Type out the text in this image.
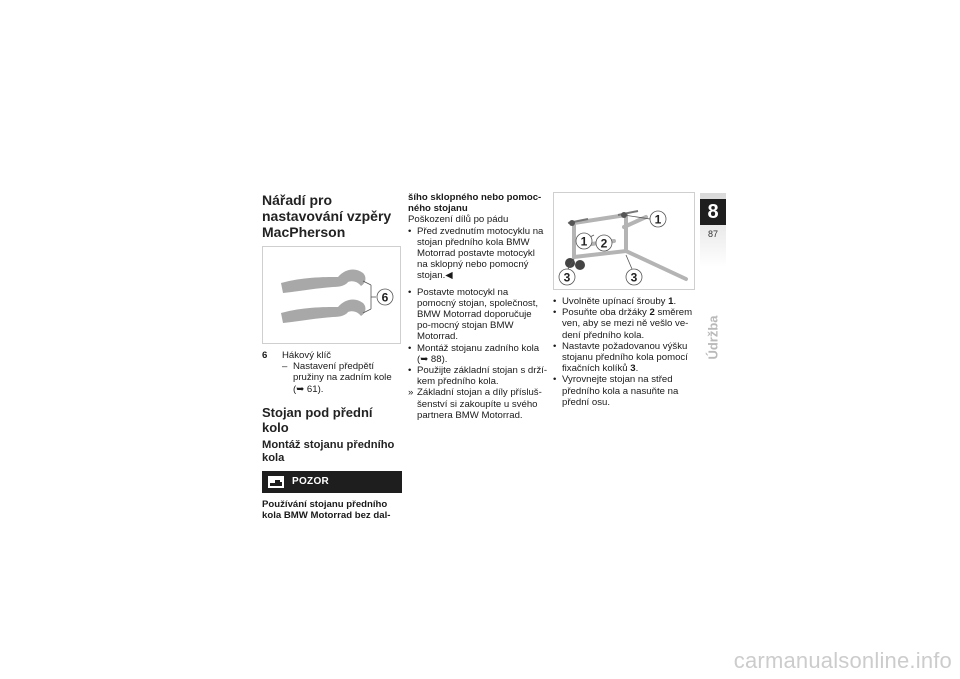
Nářadí pro nastavování vzpěry MacPherson
6
6	Hákový klíč

– Nastavení předpětí pružiny na zadním kole (➥ 61).
Stojan pod přední kolo
Montáž stojanu předního kola
POZOR

Používání stojanu předního kola BMW Motorrad bez dal-

šího sklopného nebo pomoc-ného stojanu

Poškození dílů po pádu

• Před zvednutím motocyklu na stojan předního kola BMW Motorrad postavte motocykl na sklopný nebo pomocný stojan.◀
• Postavte motocykl na pomocný stojan, společnost, BMW Motorrad doporučuje po-mocný stojan BMW Motorrad.
• Montáž stojanu zadního kola (➥ 88).
• Použijte základní stojan s drží-kem předního kola.
» Základní stojan a díly přísluš-šenství si zakoupíte u svého partnera BMW Motorrad.
1
2
1
3	3
• Uvolněte upínací šrouby 1.
• Posuňte oba držáky 2 směrem ven, aby se mezi ně vešlo ve-dení předního kola.
• Nastavte požadovanou výšku stojanu předního kola pomocí fixačních kolíků 3.
• Vyrovnejte stojan na střed předního kola a nasuňte na přední osu.
8
87
Údržba
carmanualsonline.info
